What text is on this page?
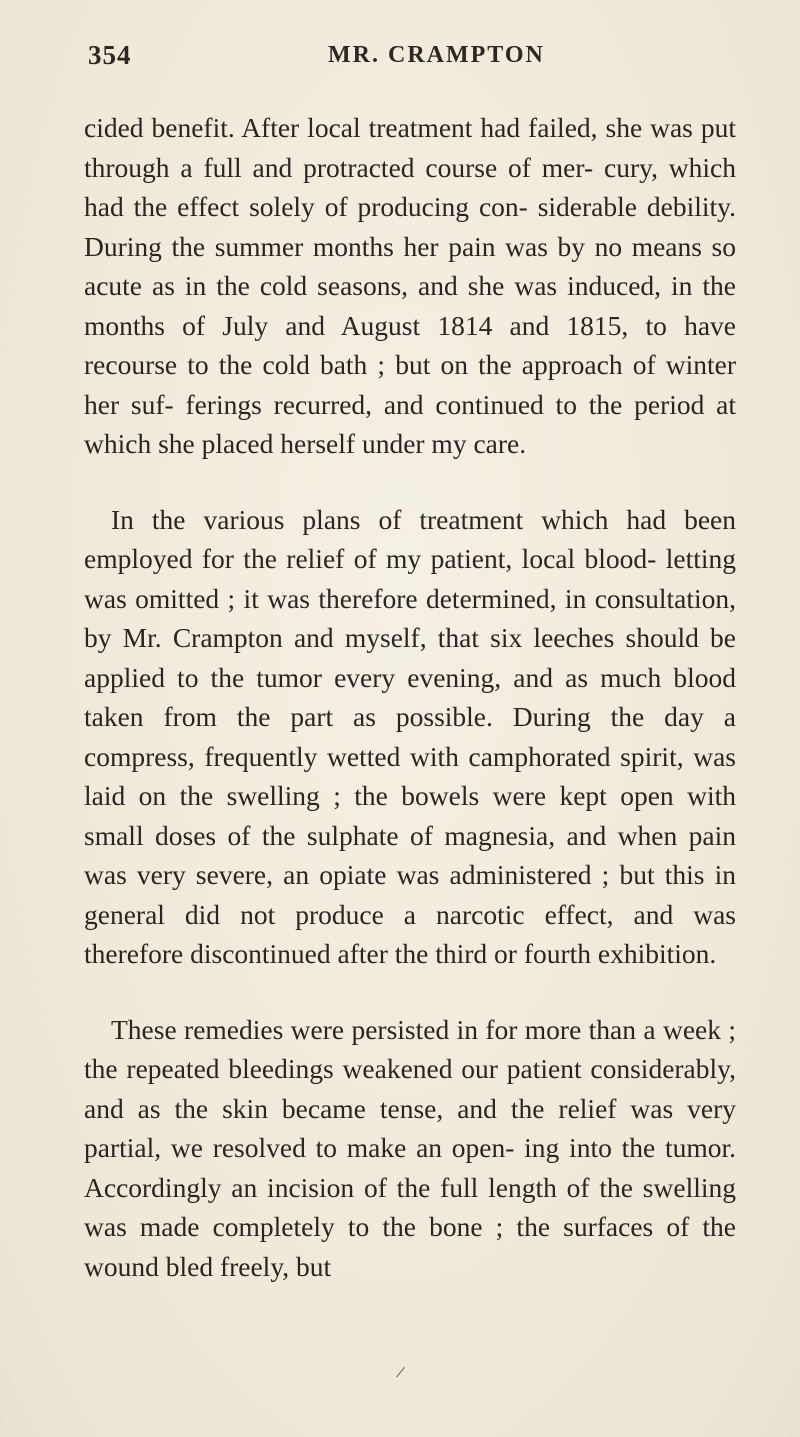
354	MR. CRAMPTON

cided benefit. After local treatment had failed, she was put through a full and protracted course of mer- cury, which had the effect solely of producing con- siderable debility. During the summer months her pain was by no means so acute as in the cold seasons, and she was induced, in the months of July and August 1814 and 1815, to have recourse to the cold bath ; but on the approach of winter her suf- ferings recurred, and continued to the period at which she placed herself under my care.

In the various plans of treatment which had been employed for the relief of my patient, local blood- letting was omitted ; it was therefore determined, in consultation, by Mr. Crampton and myself, that six leeches should be applied to the tumor every evening, and as much blood taken from the part as possible. During the day a compress, frequently wetted with camphorated spirit, was laid on the swelling ; the bowels were kept open with small doses of the sulphate of magnesia, and when pain was very severe, an opiate was administered ; but this in general did not produce a narcotic effect, and was therefore discontinued after the third or fourth exhibition.

These remedies were persisted in for more than a week ; the repeated bleedings weakened our patient considerably, and as the skin became tense, and the relief was very partial, we resolved to make an open- ing into the tumor. Accordingly an incision of the full length of the swelling was made completely to the bone ; the surfaces of the wound bled freely, but

/
